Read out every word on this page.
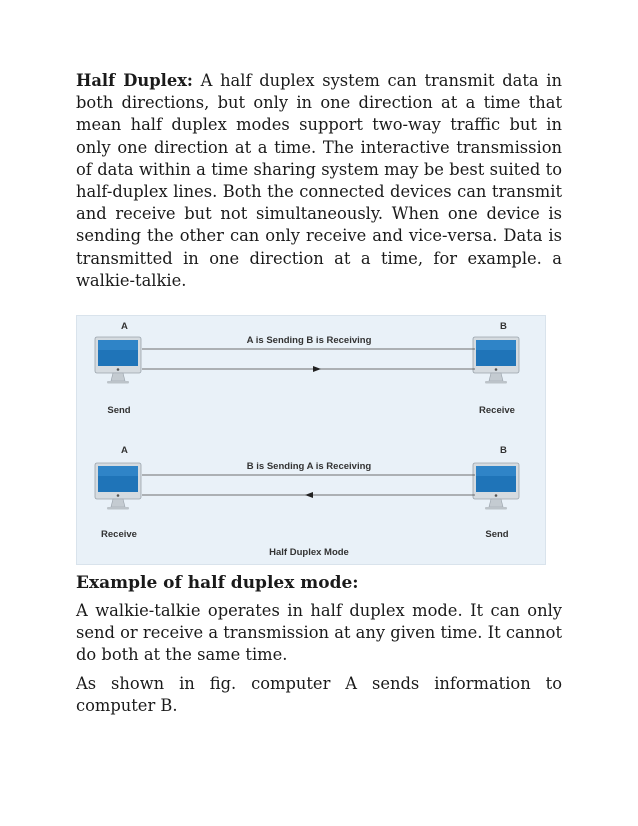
Half Duplex: A half duplex system can transmit data in both directions, but only in one direction at a time that mean half duplex modes support two-way traffic but in only one direction at a time. The interactive transmission of data within a time sharing system may be best suited to half-duplex lines. Both the connected devices can transmit and receive but not simultaneously. When one device is sending the other can only receive and vice-versa. Data is transmitted in one direction at a time, for example. a walkie-talkie.

A	B
A is Sending B is Receiving
Send	Receive
A	B
B is Sending A is Receiving
Receive	Send
Half Duplex Mode
Example of half duplex mode:

A walkie-talkie operates in half duplex mode. It can only send or receive a transmission at any given time. It cannot do both at the same time.

As shown in fig. computer A sends information to computer B.
